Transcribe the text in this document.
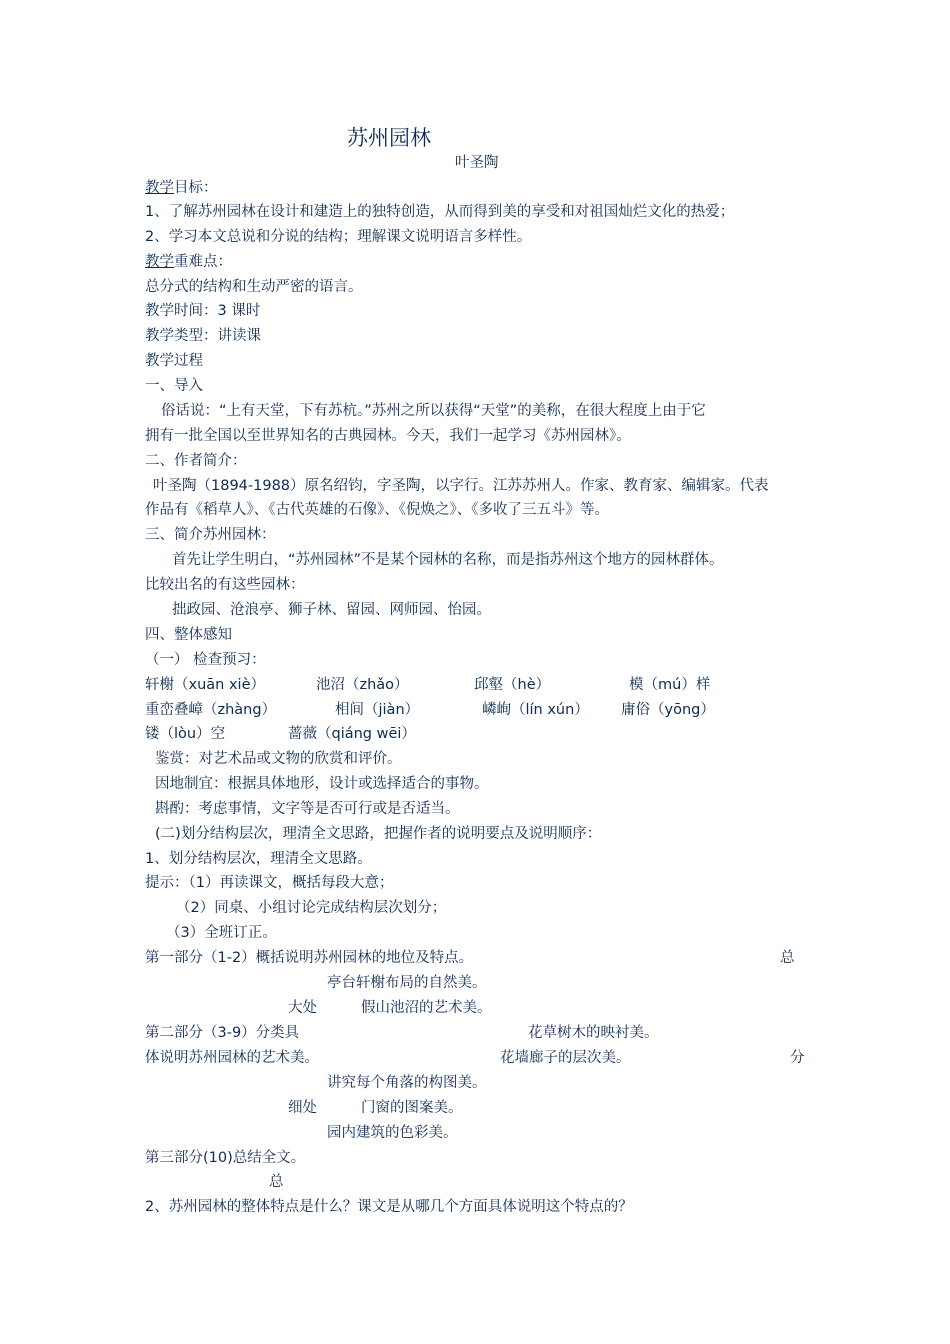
苏州园林
叶圣陶
教学目标：
1、了解苏州园林在设计和建造上的独特创造，从而得到美的享受和对祖国灿烂文化的热爱；
2、学习本文总说和分说的结构；理解课文说明语言多样性。
教学重难点：
总分式的结构和生动严密的语言。
教学时间：3 课时
教学类型：讲读课
教学过程
一、导入
俗话说：“上有天堂，下有苏杭。”苏州之所以获得“天堂”的美称，在很大程度上由于它
拥有一批全国以至世界知名的古典园林。今天，我们一起学习《苏州园林》。
二、作者简介：
叶圣陶（1894-1988）原名绍钧，字圣陶，以字行。江苏苏州人。作家、教育家、编辑家。代表
作品有《稻草人》、《古代英雄的石像》、《倪焕之》、《多收了三五斗》等。
三、简介苏州园林：
首先让学生明白，“苏州园林”不是某个园林的名称，而是指苏州这个地方的园林群体。
比较出名的有这些园林：
拙政园、沧浪亭、狮子林、留园、网师园、怡园。
四、整体感知
（一） 检查预习：
轩榭（xuān xiè）	池沼（zhǎo）	邱壑（hè）	模（mú）样
重峦叠嶂（zhàng）	相间（jiàn）	嶙峋（lín xún） 庸俗（yōng）
镂（lòu）空	蔷薇（qiáng wēi）
鉴赏：对艺术品或文物的欣赏和评价。
因地制宜：根据具体地形，设计或选择适合的事物。
斟酌：考虑事情，文字等是否可行或是否适当。
(二)划分结构层次，理清全文思路，把握作者的说明要点及说明顺序：
1、划分结构层次，理清全文思路。
提示：（1）再读课文，概括每段大意；
（2）同桌、小组讨论完成结构层次划分；
（3）全班订正。
第一部分（1-2）概括说明苏州园林的地位及特点。	总
亭台轩榭布局的自然美。
大处	假山池沼的艺术美。
第二部分（3-9）分类具	花草树木的映衬美。
体说明苏州园林的艺术美。	花墙廊子的层次美。	分
讲究每个角落的构图美。
细处	门窗的图案美。
园内建筑的色彩美。
第三部分(10)总结全文。
总
2、苏州园林的整体特点是什么？课文是从哪几个方面具体说明这个特点的？
